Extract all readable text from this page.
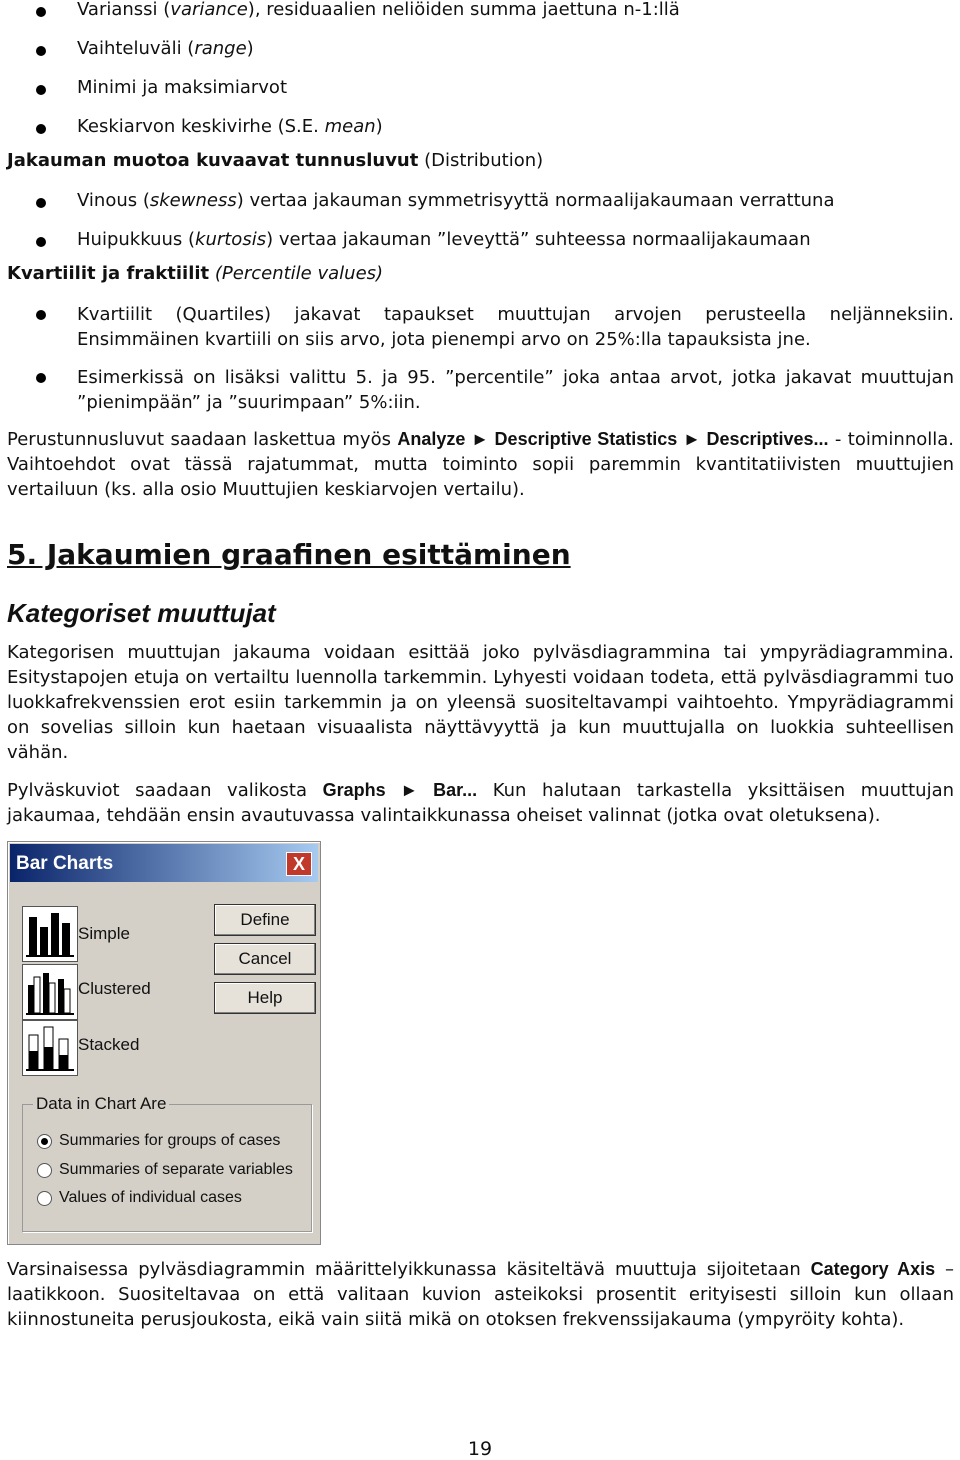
Varianssi (variance), residuaalien neliöiden summa jaettuna n-1:llä
Vaihteluväli (range)
Minimi ja maksimiarvot
Keskiarvon keskivirhe (S.E. mean)
Jakauman muotoa kuvaavat tunnusluvut (Distribution)
Vinous (skewness) vertaa jakauman symmetrisyyttä normaalijakaumaan verrattuna
Huipukkuus (kurtosis) vertaa jakauman ”leveyttä” suhteessa normaalijakaumaan
Kvartiilit ja fraktiilit (Percentile values)
Kvartiilit (Quartiles) jakavat tapaukset muuttujan arvojen perusteella neljänneksiin. Ensimmäinen kvartiili on siis arvo, jota pienempi arvo on 25%:lla tapauksista jne.
Esimerkissä on lisäksi valittu 5. ja 95. ”percentile” joka antaa arvot, jotka jakavat muuttujan ”pienimpään” ja ”suurimpaan” 5%:iin.
Perustunnusluvut saadaan laskettua myös Analyze ► Descriptive Statistics ► Descriptives... - toiminnolla. Vaihtoehdot ovat tässä rajatummat, mutta toiminto sopii paremmin kvantitatiivisten muuttujien vertailuun (ks. alla osio Muuttujien keskiarvojen vertailu).
5. Jakaumien graafinen esittäminen
Kategoriset muuttujat
Kategorisen muuttujan jakauma voidaan esittää joko pylväsdiagrammina tai ympyrädiagrammina. Esitystapojen etuja on vertailtu luennolla tarkemmin. Lyhyesti voidaan todeta, että pylväsdiagrammi tuo luokkafrekvenssien erot esiin tarkemmin ja on yleensä suositeltavampi vaihtoehto. Ympyrädiagrammi on sovelias silloin kun haetaan visuaalista näyttävyyttä ja kun muuttujalla on luokkia suhteellisen vähän.
Pylväskuviot saadaan valikosta Graphs ► Bar... Kun halutaan tarkastella yksittäisen muuttujan jakaumaa, tehdään ensin avautuvassa valintaikkunassa oheiset valinnat (jotka ovat oletuksena).
Bar Charts	X
Simple
Clustered
Stacked
Define
Cancel
Help
Data in Chart Are
Summaries for groups of cases
Summaries of separate variables
Values of individual cases
Varsinaisessa pylväsdiagrammin määrittelyikkunassa käsiteltävä muuttuja sijoitetaan Category Axis –laatikkoon. Suositeltavaa on että valitaan kuvion asteikoksi prosentit erityisesti silloin kun ollaan kiinnostuneita perusjoukosta, eikä vain siitä mikä on otoksen frekvenssijakauma (ympyröity kohta).
19
